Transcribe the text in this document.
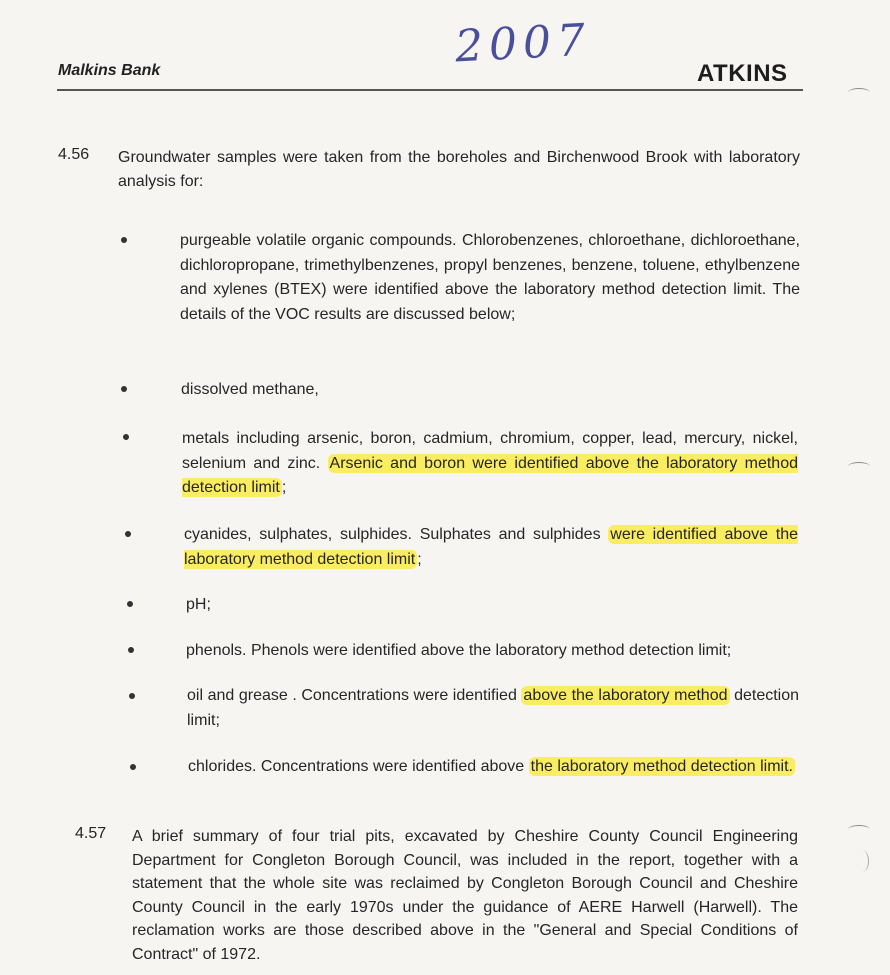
2007
Malkins Bank	ATKINS
4.56 Groundwater samples were taken from the boreholes and Birchenwood Brook with laboratory analysis for:
purgeable volatile organic compounds. Chlorobenzenes, chloroethane, dichloroethane, dichloropropane, trimethylbenzenes, propyl benzenes, benzene, toluene, ethylbenzene and xylenes (BTEX) were identified above the laboratory method detection limit. The details of the VOC results are discussed below;
dissolved methane,
metals including arsenic, boron, cadmium, chromium, copper, lead, mercury, nickel, selenium and zinc. Arsenic and boron were identified above the laboratory method detection limit ;
cyanides, sulphates, sulphides. Sulphates and sulphides were identified above the laboratory method detection limit ;
pH;
phenols. Phenols were identified above the laboratory method detection limit;
oil and grease . Concentrations were identified above the laboratory method detection limit;
chlorides. Concentrations were identified above the laboratory method detection limit.
4.57 A brief summary of four trial pits, excavated by Cheshire County Council Engineering Department for Congleton Borough Council, was included in the report, together with a statement that the whole site was reclaimed by Congleton Borough Council and Cheshire County Council in the early 1970s under the guidance of AERE Harwell (Harwell). The reclamation works are those described above in the "General and Special Conditions of Contract" of 1972.
